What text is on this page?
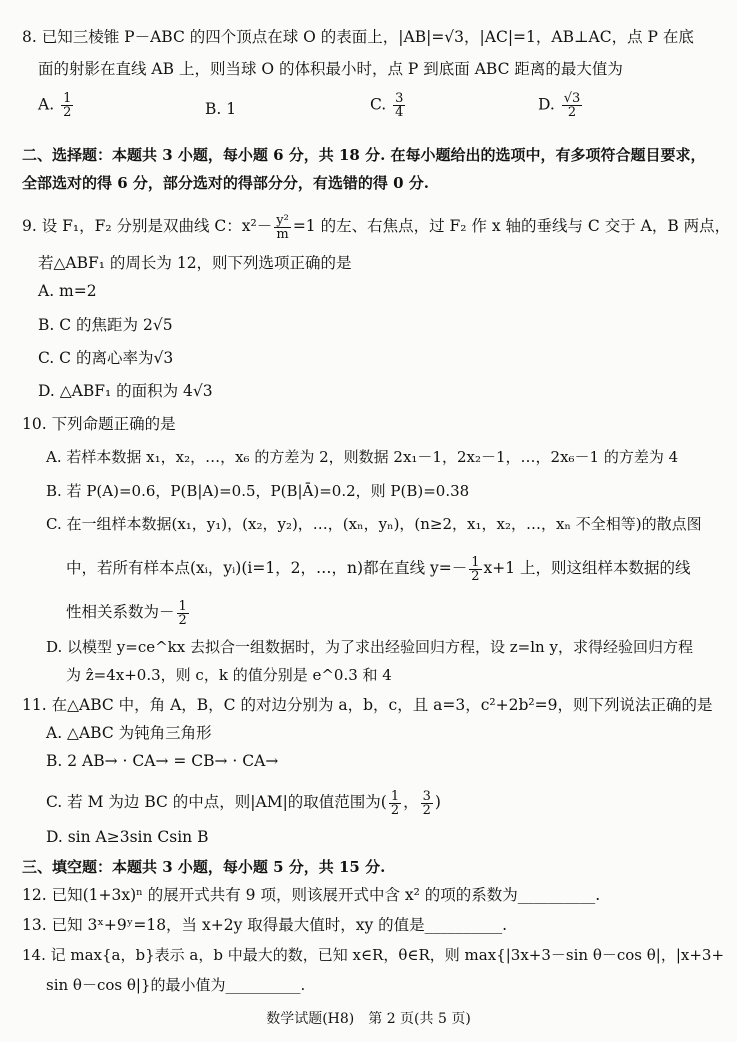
8. 已知三棱锥 P－ABC 的四个顶点在球 O 的表面上，|AB|=√3，|AC|=1，AB⊥AC，点 P 在底
面的射影在直线 AB 上，则当球 O 的体积最小时，点 P 到底面 ABC 距离的最大值为
A. $\frac{1}{2}$	B. 1	C. $\frac{3}{4}$	D. $\frac{√3}{2}$
二、选择题：本题共 3 小题，每小题 6 分，共 18 分. 在每小题给出的选项中，有多项符合题目要求，
全部选对的得 6 分，部分选对的得部分分，有选错的得 0 分.
9. 设 F₁，F₂ 分别是双曲线 C：$x^2- \frac{\text{y²}}{m} =1$ 的左、右焦点，过 F₂ 作 x 轴的垂线与 C 交于 A，B 两点，
若△ABF₁ 的周长为 12，则下列选项正确的是
A. m=2
B. C 的焦距为 2√5
C. C 的离心率为√3
D. △ABF₁ 的面积为 4√3
10. 下列命题正确的是
A. 若样本数据 x₁，x₂，…，x₆ 的方差为 2，则数据 2x₁－1，2x₂－1，…，2x₆－1 的方差为 4
B. 若 P(A)=0.6，P(B|A)=0.5，P(B|Ā)=0.2，则 P(B)=0.38
C. 在一组样本数据(x₁，y₁)，(x₂，y₂)，…，(xₙ，yₙ)，(n≥2，x₁，x₂，…，xₙ 不全相等)的散点图
中，若所有样本点(xᵢ，yᵢ)(i=1，2，…，n)都在直线 $y=- \frac{1}{2} x+1$ 上，则这组样本数据的线
性相关系数为－ $\frac{1}{2}$
D. 以模型 y=ce^kx 去拟合一组数据时，为了求出经验回归方程，设 z=ln y，求得经验回归方程
为 ẑ=4x+0.3，则 c，k 的值分别是 e^0.3 和 4
11. 在△ABC 中，角 A，B，C 的对边分别为 a，b，c，且 a=3，c²+2b²=9，则下列说法正确的是
A. △ABC 为钝角三角形
B. 2 AB→ · CA→ = CB→ · CA→
C. 若 M 为边 BC 的中点，则|AM|的取值范围为( $\frac{1}{2}$ ， $\frac{3}{2}$ )
D. sin A≥3sin Csin B
三、填空题：本题共 3 小题，每小题 5 分，共 15 分.
12. 已知(1+3x)ⁿ 的展开式共有 9 项，则该展开式中含 x² 的项的系数为__________.
13. 已知 3ˣ+9ʸ=18，当 x+2y 取得最大值时，xy 的值是__________.
14. 记 max{a，b}表示 a，b 中最大的数，已知 x∈R，θ∈R，则 max{|3x+3－sin θ－cos θ|，|x+3+
sin θ－cos θ|}的最小值为__________.
数学试题(H8)　第 2 页(共 5 页)
